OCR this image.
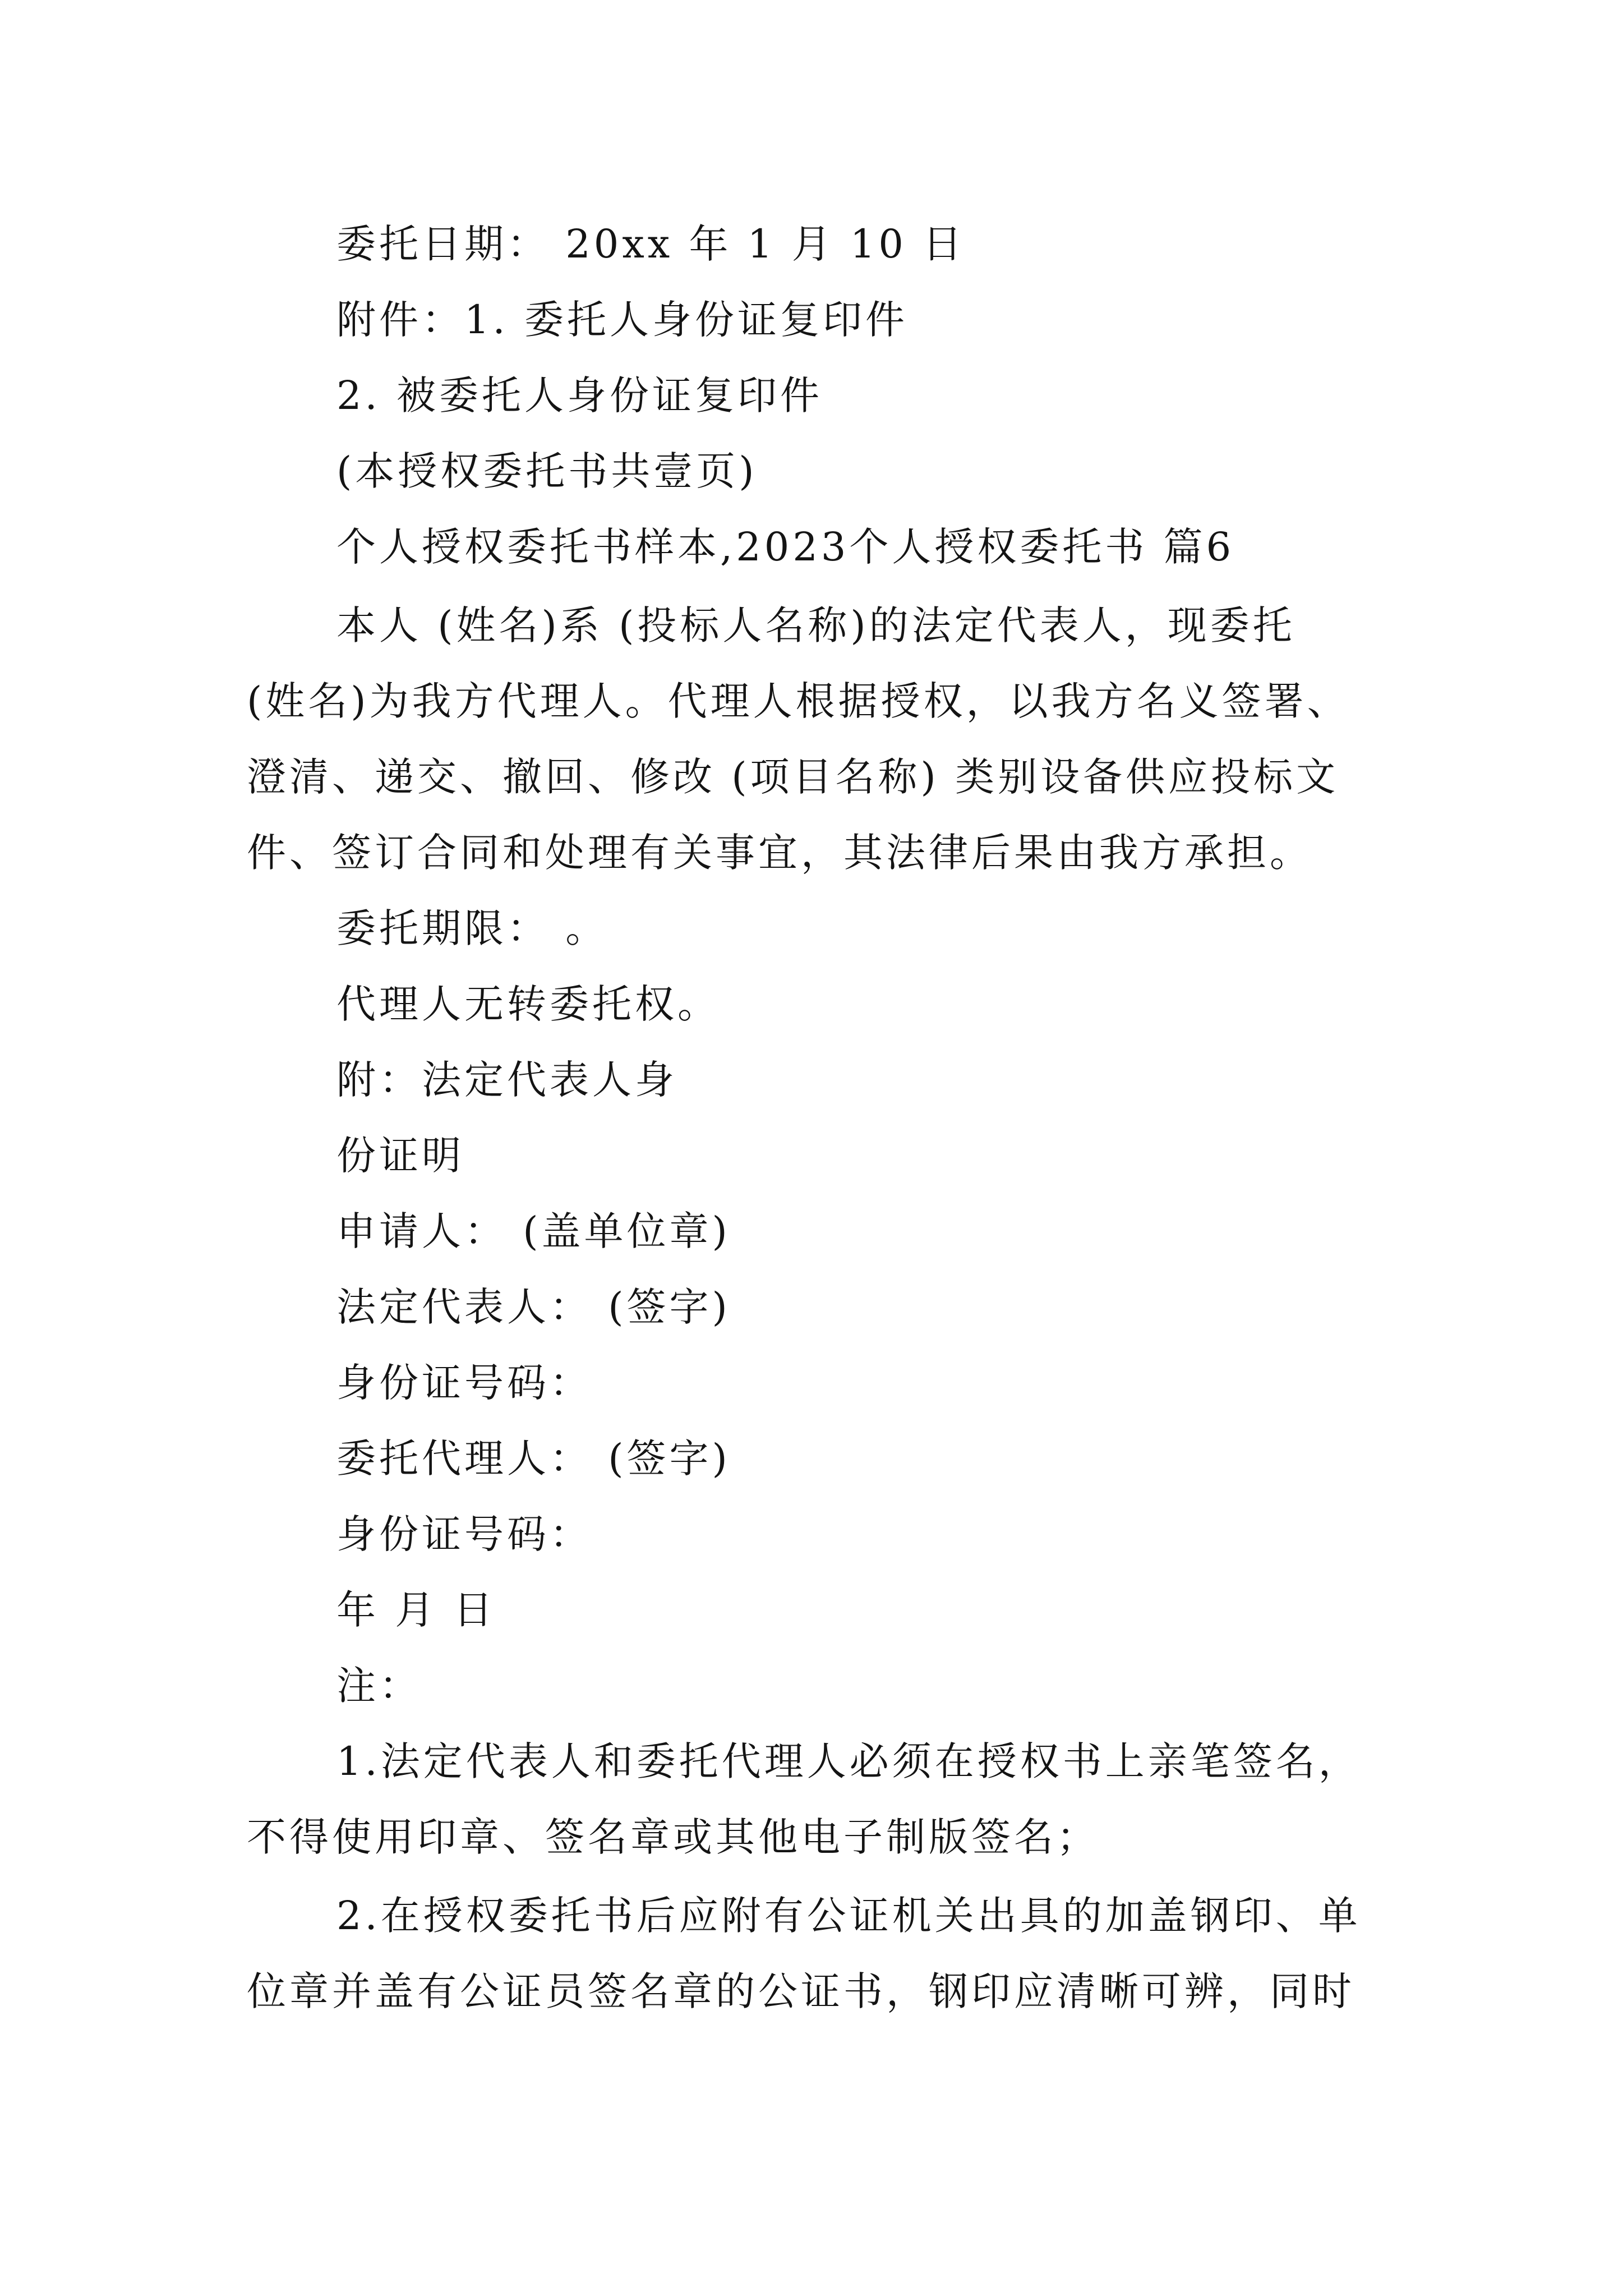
委托日期： 20xx 年 1 月 10 日
附件：1. 委托人身份证复印件
2. 被委托人身份证复印件
(本授权委托书共壹页)
个人授权委托书样本,2023个人授权委托书 篇6
本人 (姓名)系 (投标人名称)的法定代表人，现委托
(姓名)为我方代理人。代理人根据授权，以我方名义签署、
澄清、递交、撤回、修改 (项目名称) 类别设备供应投标文
件、签订合同和处理有关事宜，其法律后果由我方承担。
委托期限： 。
代理人无转委托权。
附：法定代表人身
份证明
申请人： (盖单位章)
法定代表人： (签字)
身份证号码：
委托代理人： (签字)
身份证号码：
年 月 日
注：
1.法定代表人和委托代理人必须在授权书上亲笔签名，
不得使用印章、签名章或其他电子制版签名；
2.在授权委托书后应附有公证机关出具的加盖钢印、单
位章并盖有公证员签名章的公证书，钢印应清晰可辨，同时
